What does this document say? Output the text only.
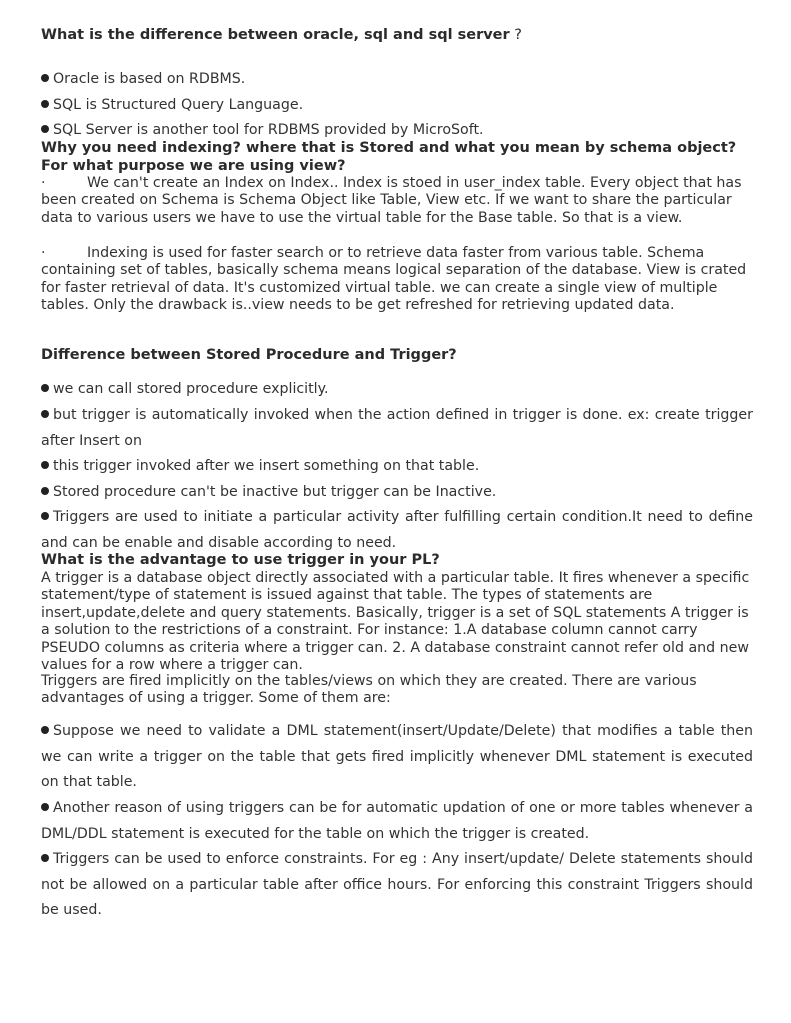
What is the difference between oracle, sql and sql server ?
Oracle is based on RDBMS.
SQL is Structured Query Language.
SQL Server is another tool for RDBMS provided by MicroSoft.
Why you need indexing? where that is Stored and what you mean by schema object? For what purpose we are using view?
·	We can't create an Index on Index.. Index is stoed in user_index table. Every object that has been created on Schema is Schema Object like Table, View etc. If we want to share the particular data to various users we have to use the virtual table for the Base table. So that is a view.
·	Indexing is used for faster search or to retrieve data faster from various table. Schema containing set of tables, basically schema means logical separation of the database. View is crated for faster retrieval of data. It's customized virtual table. we can create a single view of multiple tables. Only the drawback is..view needs to be get refreshed for retrieving updated data.
Difference between Stored Procedure and Trigger?
we can call stored procedure explicitly.
but trigger is automatically invoked when the action defined in trigger is done. ex: create trigger after Insert on
this trigger invoked after we insert something on that table.
Stored procedure can't be inactive but trigger can be Inactive.
Triggers are used to initiate a particular activity after fulfilling certain condition.It need to define and can be enable and disable according to need.
What is the advantage to use trigger in your PL?
A trigger is a database object directly associated with a particular table. It fires whenever a specific statement/type of statement is issued against that table. The types of statements are insert,update,delete and query statements. Basically, trigger is a set of SQL statements A trigger is a solution to the restrictions of a constraint. For instance: 1.A database column cannot carry PSEUDO columns as criteria where a trigger can. 2. A database constraint cannot refer old and new values for a row where a trigger can.
Triggers are fired implicitly on the tables/views on which they are created. There are various advantages of using a trigger. Some of them are:
Suppose we need to validate a DML statement(insert/Update/Delete) that modifies a table then we can write a trigger on the table that gets fired implicitly whenever DML statement is executed on that table.
Another reason of using triggers can be for automatic updation of one or more tables whenever a DML/DDL statement is executed for the table on which the trigger is created.
Triggers can be used to enforce constraints. For eg : Any insert/update/ Delete statements should not be allowed on a particular table after office hours. For enforcing this constraint Triggers should be used.
